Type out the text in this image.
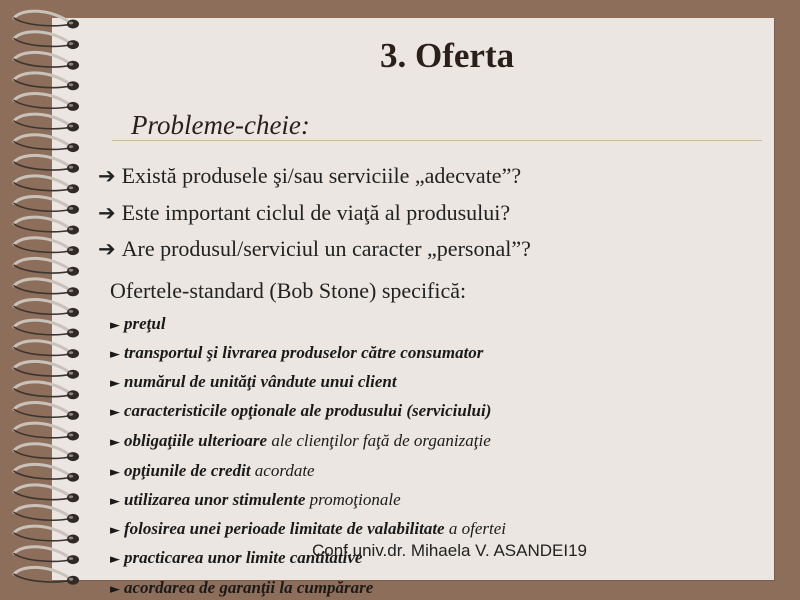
3. Oferta
Probleme-cheie:
➔ Există produsele şi/sau serviciile „adecvate”?
➔ Este important ciclul de viaţă al produsului?
➔ Are produsul/serviciul un caracter „personal”?
Ofertele-standard (Bob Stone) specifică:
► preţul
► transportul şi livrarea produselor către consumator
► numărul de unităţi vândute unui client
► caracteristicile opţionale ale produsului (serviciului)
► obligaţiile ulterioare ale clienţilor faţă de organizaţie
► opţiunile de credit acordate
► utilizarea unor stimulente promoţionale
► folosirea unei perioade limitate de valabilitate a ofertei
► practicarea unor limite cantitative
► acordarea de garanţii la cumpărare
Conf.univ.dr. Mihaela V. ASANDEI19
